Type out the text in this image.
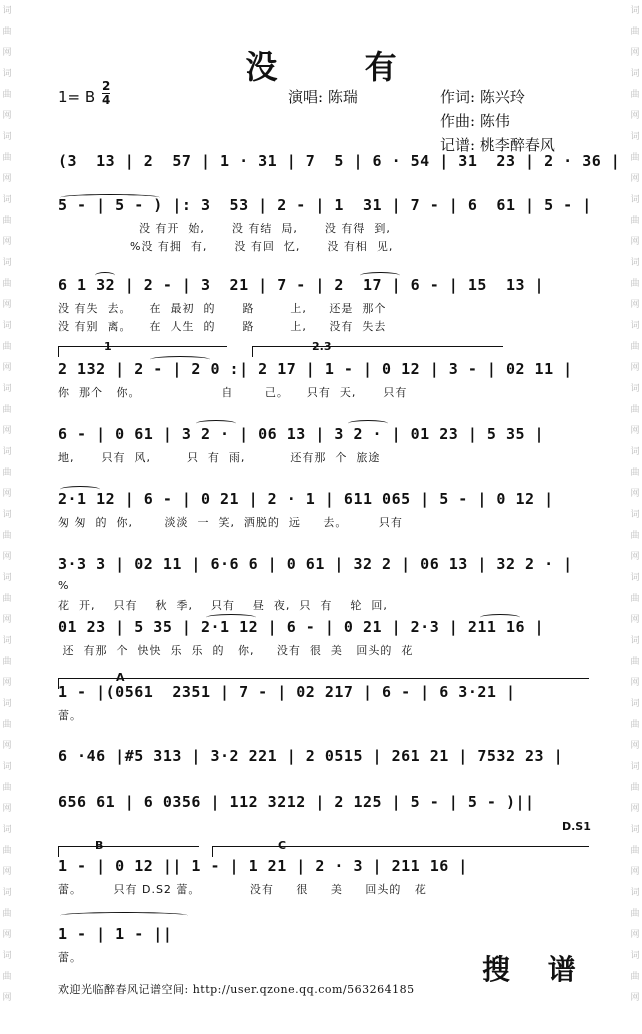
词
曲
网
词
曲
网
词
曲
网
词
曲
网
词
曲
网
词
曲
网
词
曲
网
词
曲
网
词
曲
网
词
曲
网
词
曲
网
词
曲
网
词
曲
网
词
曲
网
词
曲
网
词
曲
网
词
曲
网
词
曲
网
词
曲
网
词
曲
网
词
曲
网
词
曲
网
词
曲
网
词
曲
网
词
曲
网
词
曲
网
词
曲
网
词
曲
网
词
曲
网
词
曲
网
词
曲
网
词
曲
网
没 有
1= B
2
4	演唱: 陈瑞	作词: 陈兴玲
作曲: 陈伟
记谱: 桃李醉春风
(3  13 | 2  57 | 1 · 31 | 7  5 | 6 · 54 | 31  23 | 2 · 36 |
5 - | 5 - ) |: 3  53 | 2 - | 1  31 | 7 - | 6  61 | 5 - |
没 有开  始,      没 有结  局,      没 有得  到,
%没 有拥  有,      没 有回  忆,      没 有相  见,
6 1 32 | 2 - | 3  21 | 7 - | 2  17 | 6 - | 15  13 |
没 有失  去。    在  最初  的      路        上,     还是  那个
没 有别  离。    在  人生  的      路        上,     没有  失去
2 132 | 2 - | 2 0 :| 2 17 | 1 - | 0 12 | 3 - | 02 11 |
你  那个   你。                  自       己。    只有  天,      只有
6 - | 0 61 | 3 2 · | 06 13 | 3 2 · | 01 23 | 5 35 |
地,      只有  风,        只  有  雨,          还有那  个  旅途
2·1 12 | 6 - | 0 21 | 2 · 1 | 611 065 | 5 - | 0 12 |
匆 匆  的  你,       淡淡  一  笑,  洒脱的  远     去。       只有
3·3 3 | 02 11 | 6·6 6 | 0 61 | 32 2 | 06 13 | 32 2 · |
%
花  开,    只有    秋  季,    只有    昼  夜,  只  有    轮  回,
01 23 | 5 35 | 2·1 12 | 6 - | 0 21 | 2·3 | 211 16 |
还  有那  个  快快  乐  乐  的   你,     没有  很  美   回头的  花
1 - |(0561  2351 | 7 - | 02 217 | 6 - | 6 3·21 |
蕾。
6 ·46 |#5 313 | 3·2 221 | 2 0515 | 261 21 | 7532 23 |
656 61 | 6 0356 | 112 3212 | 2 125 | 5 - | 5 - )||
1 - | 0 12 || 1 - | 1 21 | 2 · 3 | 211 16 |
蕾。       只有 D.S2 蕾。           没有     很     美     回头的   花
1 - | 1 - ||
蕾。
1	2.3
A
B	C
D.S1
欢迎光临醉春风记谱空间: http://user.qzone.qq.com/563264185
搜 谱
